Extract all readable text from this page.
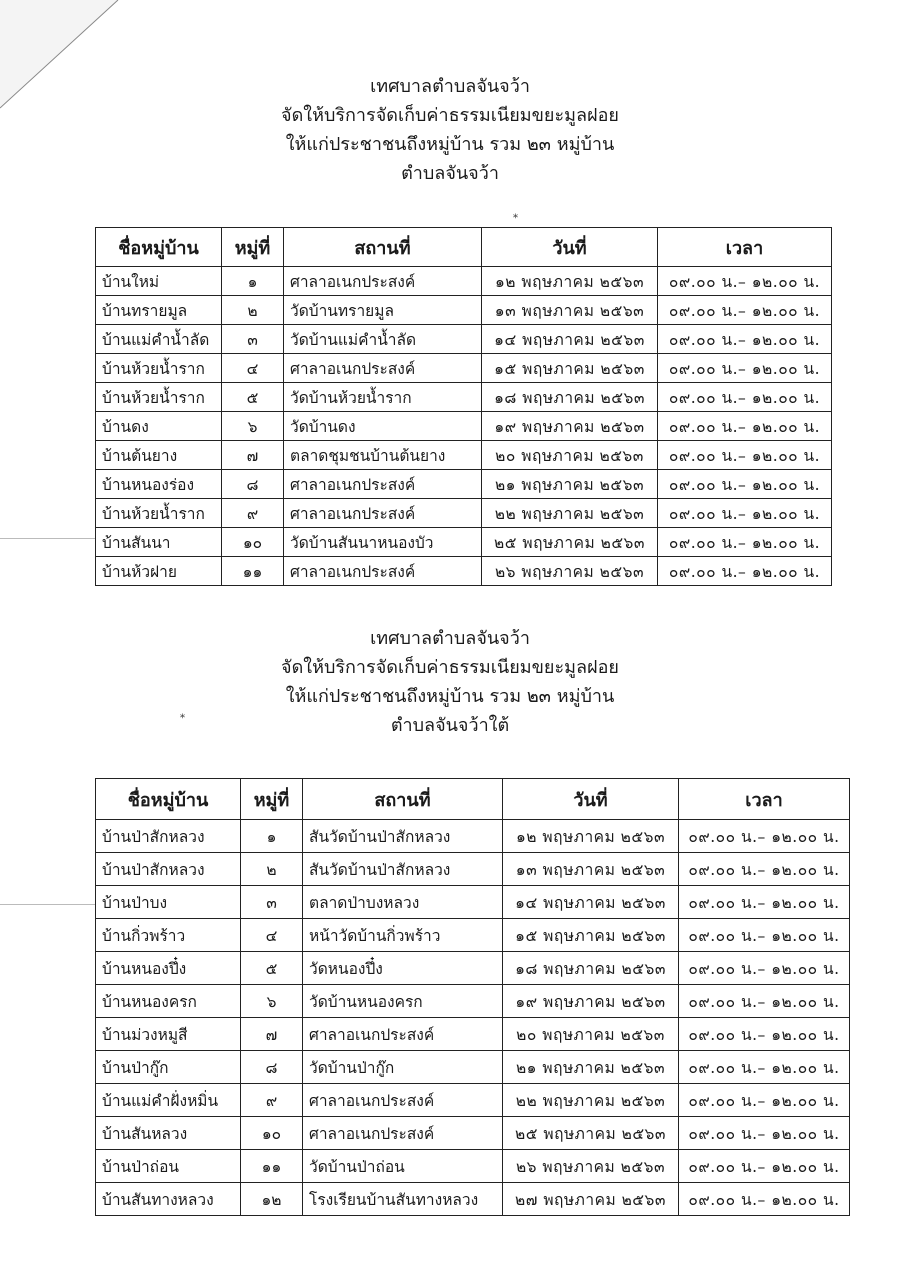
เทศบาลตำบลจันจว้า
จัดให้บริการจัดเก็บค่าธรรมเนียมขยะมูลฝอย
ให้แก่ประชาชนถึงหมู่บ้าน รวม ๒๓ หมู่บ้าน
ตำบลจันจว้า
ชื่อหมู่บ้าน	หมู่ที่	สถานที่	วันที่	เวลา
บ้านใหม่	๑	ศาลาอเนกประสงค์	๑๒ พฤษภาคม ๒๕๖๓	๐๙.๐๐ น.– ๑๒.๐๐ น.
บ้านทรายมูล	๒	วัดบ้านทรายมูล	๑๓ พฤษภาคม ๒๕๖๓	๐๙.๐๐ น.– ๑๒.๐๐ น.
บ้านแม่คำน้ำลัด	๓	วัดบ้านแม่คำน้ำลัด	๑๔ พฤษภาคม ๒๕๖๓	๐๙.๐๐ น.– ๑๒.๐๐ น.
บ้านห้วยน้ำราก	๔	ศาลาอเนกประสงค์	๑๕ พฤษภาคม ๒๕๖๓	๐๙.๐๐ น.– ๑๒.๐๐ น.
บ้านห้วยน้ำราก	๕	วัดบ้านห้วยน้ำราก	๑๘ พฤษภาคม ๒๕๖๓	๐๙.๐๐ น.– ๑๒.๐๐ น.
บ้านดง	๖	วัดบ้านดง	๑๙ พฤษภาคม ๒๕๖๓	๐๙.๐๐ น.– ๑๒.๐๐ น.
บ้านต้นยาง	๗	ตลาดชุมชนบ้านต้นยาง	๒๐ พฤษภาคม ๒๕๖๓	๐๙.๐๐ น.– ๑๒.๐๐ น.
บ้านหนองร่อง	๘	ศาลาอเนกประสงค์	๒๑ พฤษภาคม ๒๕๖๓	๐๙.๐๐ น.– ๑๒.๐๐ น.
บ้านห้วยน้ำราก	๙	ศาลาอเนกประสงค์	๒๒ พฤษภาคม ๒๕๖๓	๐๙.๐๐ น.– ๑๒.๐๐ น.
บ้านสันนา	๑๐	วัดบ้านสันนาหนองบัว	๒๕ พฤษภาคม ๒๕๖๓	๐๙.๐๐ น.– ๑๒.๐๐ น.
บ้านห้วฝาย	๑๑	ศาลาอเนกประสงค์	๒๖ พฤษภาคม ๒๕๖๓	๐๙.๐๐ น.– ๑๒.๐๐ น.
*
*
เทศบาลตำบลจันจว้า
จัดให้บริการจัดเก็บค่าธรรมเนียมขยะมูลฝอย
ให้แก่ประชาชนถึงหมู่บ้าน รวม ๒๓ หมู่บ้าน
ตำบลจันจว้าใต้
ชื่อหมู่บ้าน	หมู่ที่	สถานที่	วันที่	เวลา
บ้านป่าสักหลวง	๑	สันวัดบ้านป่าสักหลวง	๑๒ พฤษภาคม ๒๕๖๓	๐๙.๐๐ น.– ๑๒.๐๐ น.
บ้านป่าสักหลวง	๒	สันวัดบ้านป่าสักหลวง	๑๓ พฤษภาคม ๒๕๖๓	๐๙.๐๐ น.– ๑๒.๐๐ น.
บ้านป่าบง	๓	ตลาดป่าบงหลวง	๑๔ พฤษภาคม ๒๕๖๓	๐๙.๐๐ น.– ๑๒.๐๐ น.
บ้านกิ่วพร้าว	๔	หน้าวัดบ้านกิ่วพร้าว	๑๕ พฤษภาคม ๒๕๖๓	๐๙.๐๐ น.– ๑๒.๐๐ น.
บ้านหนองปึ๋ง	๕	วัดหนองปึ๋ง	๑๘ พฤษภาคม ๒๕๖๓	๐๙.๐๐ น.– ๑๒.๐๐ น.
บ้านหนองครก	๖	วัดบ้านหนองครก	๑๙ พฤษภาคม ๒๕๖๓	๐๙.๐๐ น.– ๑๒.๐๐ น.
บ้านม่วงหมูสี	๗	ศาลาอเนกประสงค์	๒๐ พฤษภาคม ๒๕๖๓	๐๙.๐๐ น.– ๑๒.๐๐ น.
บ้านป่ากู๊ก	๘	วัดบ้านป่ากู๊ก	๒๑ พฤษภาคม ๒๕๖๓	๐๙.๐๐ น.– ๑๒.๐๐ น.
บ้านแม่คำฝั่งหมิ่น	๙	ศาลาอเนกประสงค์	๒๒ พฤษภาคม ๒๕๖๓	๐๙.๐๐ น.– ๑๒.๐๐ น.
บ้านสันหลวง	๑๐	ศาลาอเนกประสงค์	๒๕ พฤษภาคม ๒๕๖๓	๐๙.๐๐ น.– ๑๒.๐๐ น.
บ้านป่าถ่อน	๑๑	วัดบ้านป่าถ่อน	๒๖ พฤษภาคม ๒๕๖๓	๐๙.๐๐ น.– ๑๒.๐๐ น.
บ้านสันทางหลวง	๑๒	โรงเรียนบ้านสันทางหลวง	๒๗ พฤษภาคม ๒๕๖๓	๐๙.๐๐ น.– ๑๒.๐๐ น.
